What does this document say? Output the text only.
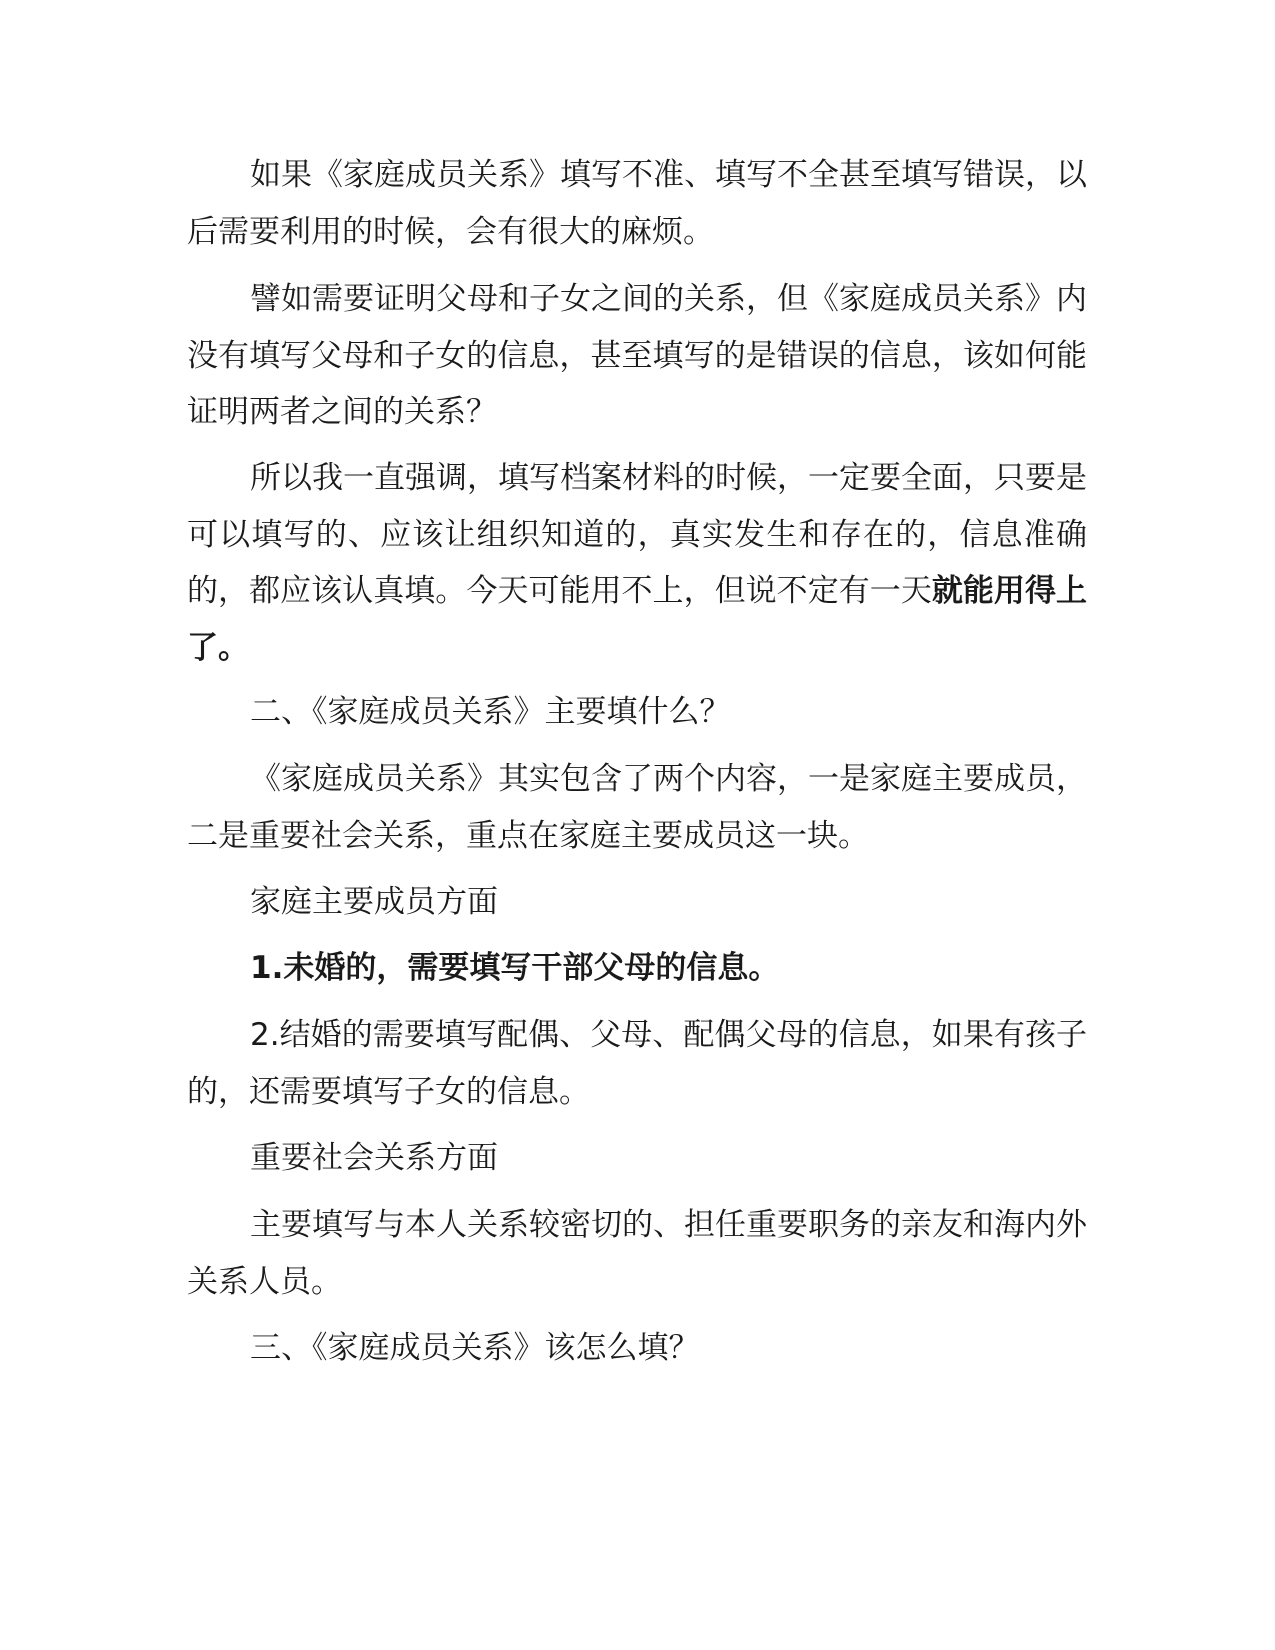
如果《家庭成员关系》填写不准、填写不全甚至填写错误，以后需要利用的时候，会有很大的麻烦。
譬如需要证明父母和子女之间的关系，但《家庭成员关系》内没有填写父母和子女的信息，甚至填写的是错误的信息，该如何能证明两者之间的关系？
所以我一直强调，填写档案材料的时候，一定要全面，只要是可以填写的、应该让组织知道的，真实发生和存在的，信息准确的，都应该认真填。今天可能用不上，但说不定有一天就能用得上了。
二、《家庭成员关系》主要填什么？
《家庭成员关系》其实包含了两个内容，一是家庭主要成员，二是重要社会关系，重点在家庭主要成员这一块。
家庭主要成员方面
1.未婚的，需要填写干部父母的信息。
2.结婚的需要填写配偶、父母、配偶父母的信息，如果有孩子的，还需要填写子女的信息。
重要社会关系方面
主要填写与本人关系较密切的、担任重要职务的亲友和海内外关系人员。
三、《家庭成员关系》该怎么填？
